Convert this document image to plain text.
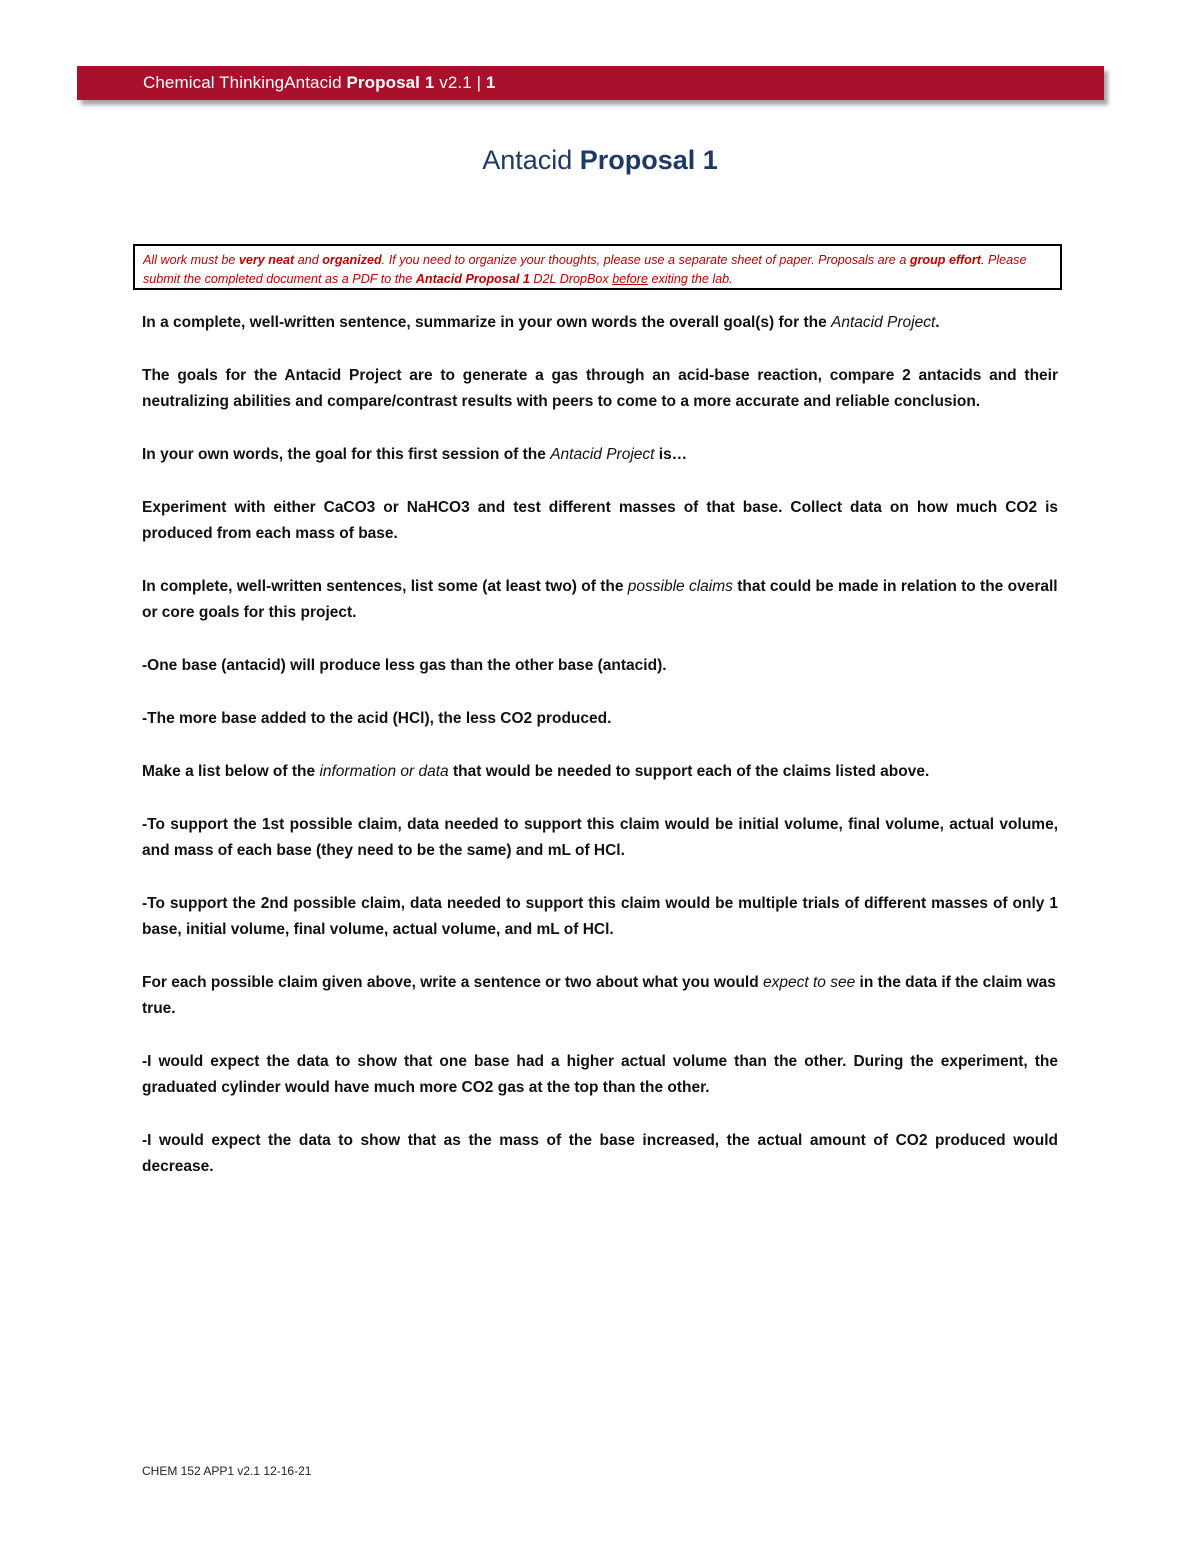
Chemical ThinkingAntacid Proposal 1 v2.1 | 1
Antacid Proposal 1
All work must be very neat and organized. If you need to organize your thoughts, please use a separate sheet of paper. Proposals are a group effort. Please submit the completed document as a PDF to the Antacid Proposal 1 D2L DropBox before exiting the lab.

In a complete, well-written sentence, summarize in your own words the overall goal(s) for the Antacid Project.

The goals for the Antacid Project are to generate a gas through an acid-base reaction, compare 2 antacids and their neutralizing abilities and compare/contrast results with peers to come to a more accurate and reliable conclusion.

In your own words, the goal for this first session of the Antacid Project is…

Experiment with either CaCO3 or NaHCO3 and test different masses of that base. Collect data on how much CO2 is produced from each mass of base.

In complete, well-written sentences, list some (at least two) of the possible claims that could be made in relation to the overall or core goals for this project.

-One base (antacid) will produce less gas than the other base (antacid).

-The more base added to the acid (HCl), the less CO2 produced.

Make a list below of the information or data that would be needed to support each of the claims listed above.

-To support the 1st possible claim, data needed to support this claim would be initial volume, final volume, actual volume, and mass of each base (they need to be the same) and mL of HCl.

-To support the 2nd possible claim, data needed to support this claim would be multiple trials of different masses of only 1 base, initial volume, final volume, actual volume, and mL of HCl.

For each possible claim given above, write a sentence or two about what you would expect to see in the data if the claim was true.

-I would expect the data to show that one base had a higher actual volume than the other. During the experiment, the graduated cylinder would have much more CO2 gas at the top than the other.

-I would expect the data to show that as the mass of the base increased, the actual amount of CO2 produced would decrease.

CHEM 152 APP1 v2.1 12-16-21
